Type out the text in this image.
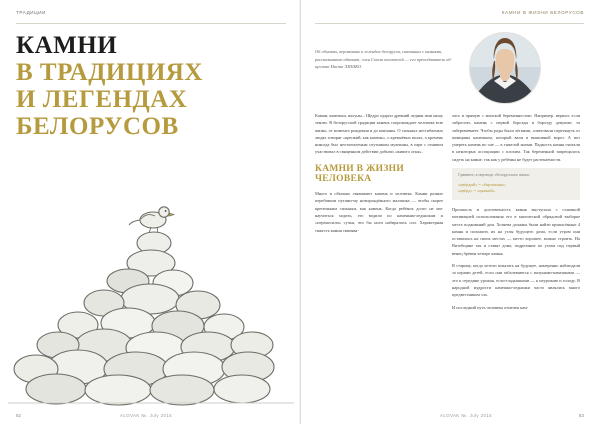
ТРАДИЦИИ
КАМНИ
В ТРАДИЦИЯХ
И ЛЕГЕНДАХ
БЕЛОРУСОВ
82	ALOVAK №. July 2015
КАМНИ В ЖИЗНИ БЕЛОРУСОВ
Об обычаях, верованиях и легендах белорусов, связанных с камнями, рассказывают адвокат, член Союза писателей — его преподаватель об-щества Наста ЛИШКО.

Камни, камешки, валуны... Щедро одарил древний ледник ими нашу землю. В белорусской традиции камень сопровождает человека всю жизнь, от момента рождения и до кончины. О сильных несгибаемых людях говорят «крепкий, как камень», о кремнёвых волях, а кремень никогда был неотъемлемым спутником мужчины, в паре с огнивом участвовал в священном действии добычи «живого огня».

КАМНИ В ЖИЗНИ ЧЕЛОВЕКА

Много в обычаях связывают камень и человека. Камни разные перебивали путами-му новорождённого мальчика — чтобы скорее крепеньким сильным, как камень. Когда ребёнок долго не мог научиться ходить, его водили по каменьям-ледышкам и «переносили» сучья, что бы ноги набирались сил. Характерная тяжесть камня связыва-

лась и прямую с женской беременностью. Например, верили: если забросить камень с первой борозды в борозду девушке, та заберемевнеет. Чтобы роды были лёгкими, советовали перетянуть от женщины камешком, который вали в вышивной ворот. А вот умереть камень во сне — к тяжелой жизни. Падкость камня считали в некоторых ассоциации с плохим. Так беременной запрещалось сидеть на камне, так как у ребёнка не будет растекаемости.

Сравните, в переводе «белорусского языка:

«цвёрдый» = «бярэменна»;

«цвёрд» = «цяжкий».

Прочность и долговечность камня выступала с основной мотивацией использования его в магической обрядовой выборке места подкований дом. Хозяева должны были найти припасённые 4 камня и положить их на углы будущего дома, если утром они оставались на своих местах — место хорошее, можно строить. На Витебщине так и ставят дома, подрезание по углам под первый венец брёвен четыре камня.

В старину, когда хотели показать на будущее, намеренно наблюдали за играми детей, если они забалеваются с валунами-камешками — это к середине урожая, если-гладышками — к неурожаю и голоду. В народной мудрости камешки-ледышки часто являлись много предвестником зла.

И последний путь человека отмечен кам-

83
ALOVAK №. July 2015
